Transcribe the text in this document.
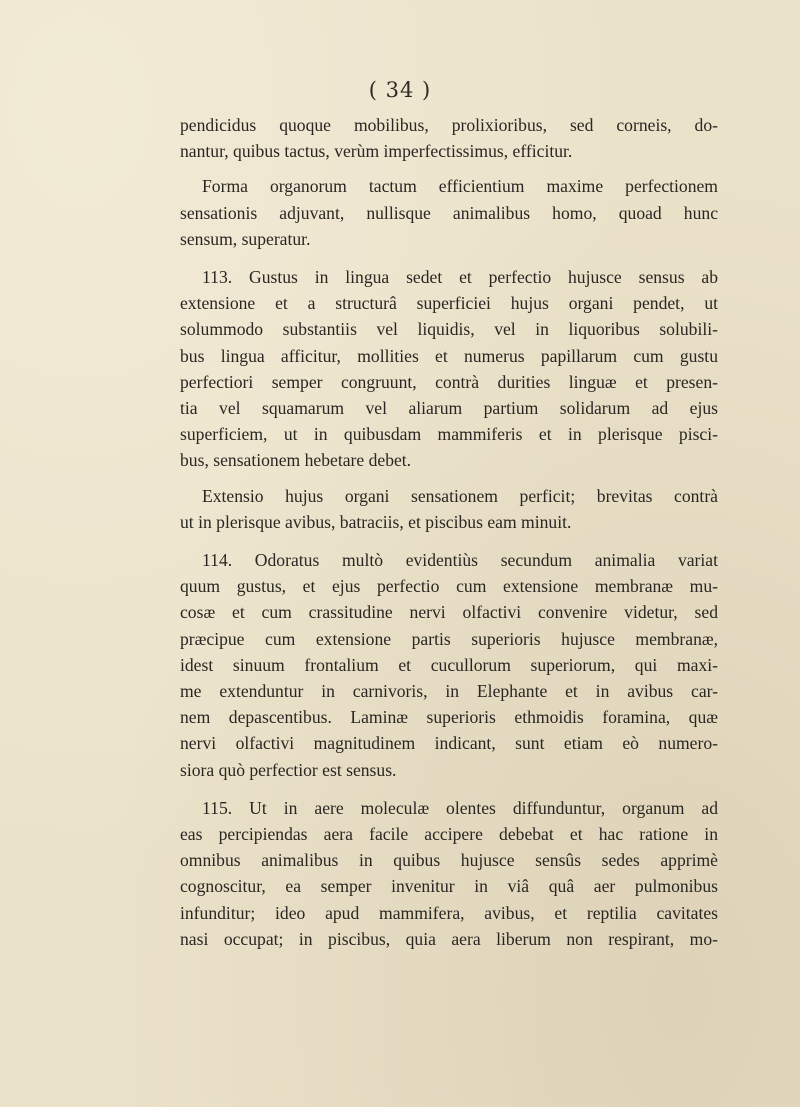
( 34 )
pendicidus quoque mobilibus, prolixioribus, sed corneis, do-
nantur, quibus tactus, verùm imperfectissimus, efficitur.
Forma organorum tactum efficientium maxime perfectionem
sensationis adjuvant, nullisque animalibus homo, quoad hunc
sensum, superatur.
113. Gustus in lingua sedet et perfectio hujusce sensus ab
extensione et a structurâ superficiei hujus organi pendet, ut
solummodo substantiis vel liquidis, vel in liquoribus solubili-
bus lingua afficitur, mollities et numerus papillarum cum gustu
perfectiori semper congruunt, contrà durities linguæ et presen-
tia vel squamarum vel aliarum partium solidarum ad ejus
superficiem, ut in quibusdam mammiferis et in plerisque pisci-
bus, sensationem hebetare debet.
Extensio hujus organi sensationem perficit; brevitas contrà
ut in plerisque avibus, batraciis, et piscibus eam minuit.
114. Odoratus multò evidentiùs secundum animalia variat
quum gustus, et ejus perfectio cum extensione membranæ mu-
cosæ et cum crassitudine nervi olfactivi convenire videtur, sed
præcipue cum extensione partis superioris hujusce membranæ,
idest sinuum frontalium et cucullorum superiorum, qui maxi-
me extenduntur in carnivoris, in Elephante et in avibus car-
nem depascentibus. Laminæ superioris ethmoidis foramina, quæ
nervi olfactivi magnitudinem indicant, sunt etiam eò numero-
siora quò perfectior est sensus.
115. Ut in aere moleculæ olentes diffunduntur, organum ad
eas percipiendas aera facile accipere debebat et hac ratione in
omnibus animalibus in quibus hujusce sensûs sedes apprimè
cognoscitur, ea semper invenitur in viâ quâ aer pulmonibus
infunditur; ideo apud mammifera, avibus, et reptilia cavitates
nasi occupat; in piscibus, quia aera liberum non respirant, mo-
